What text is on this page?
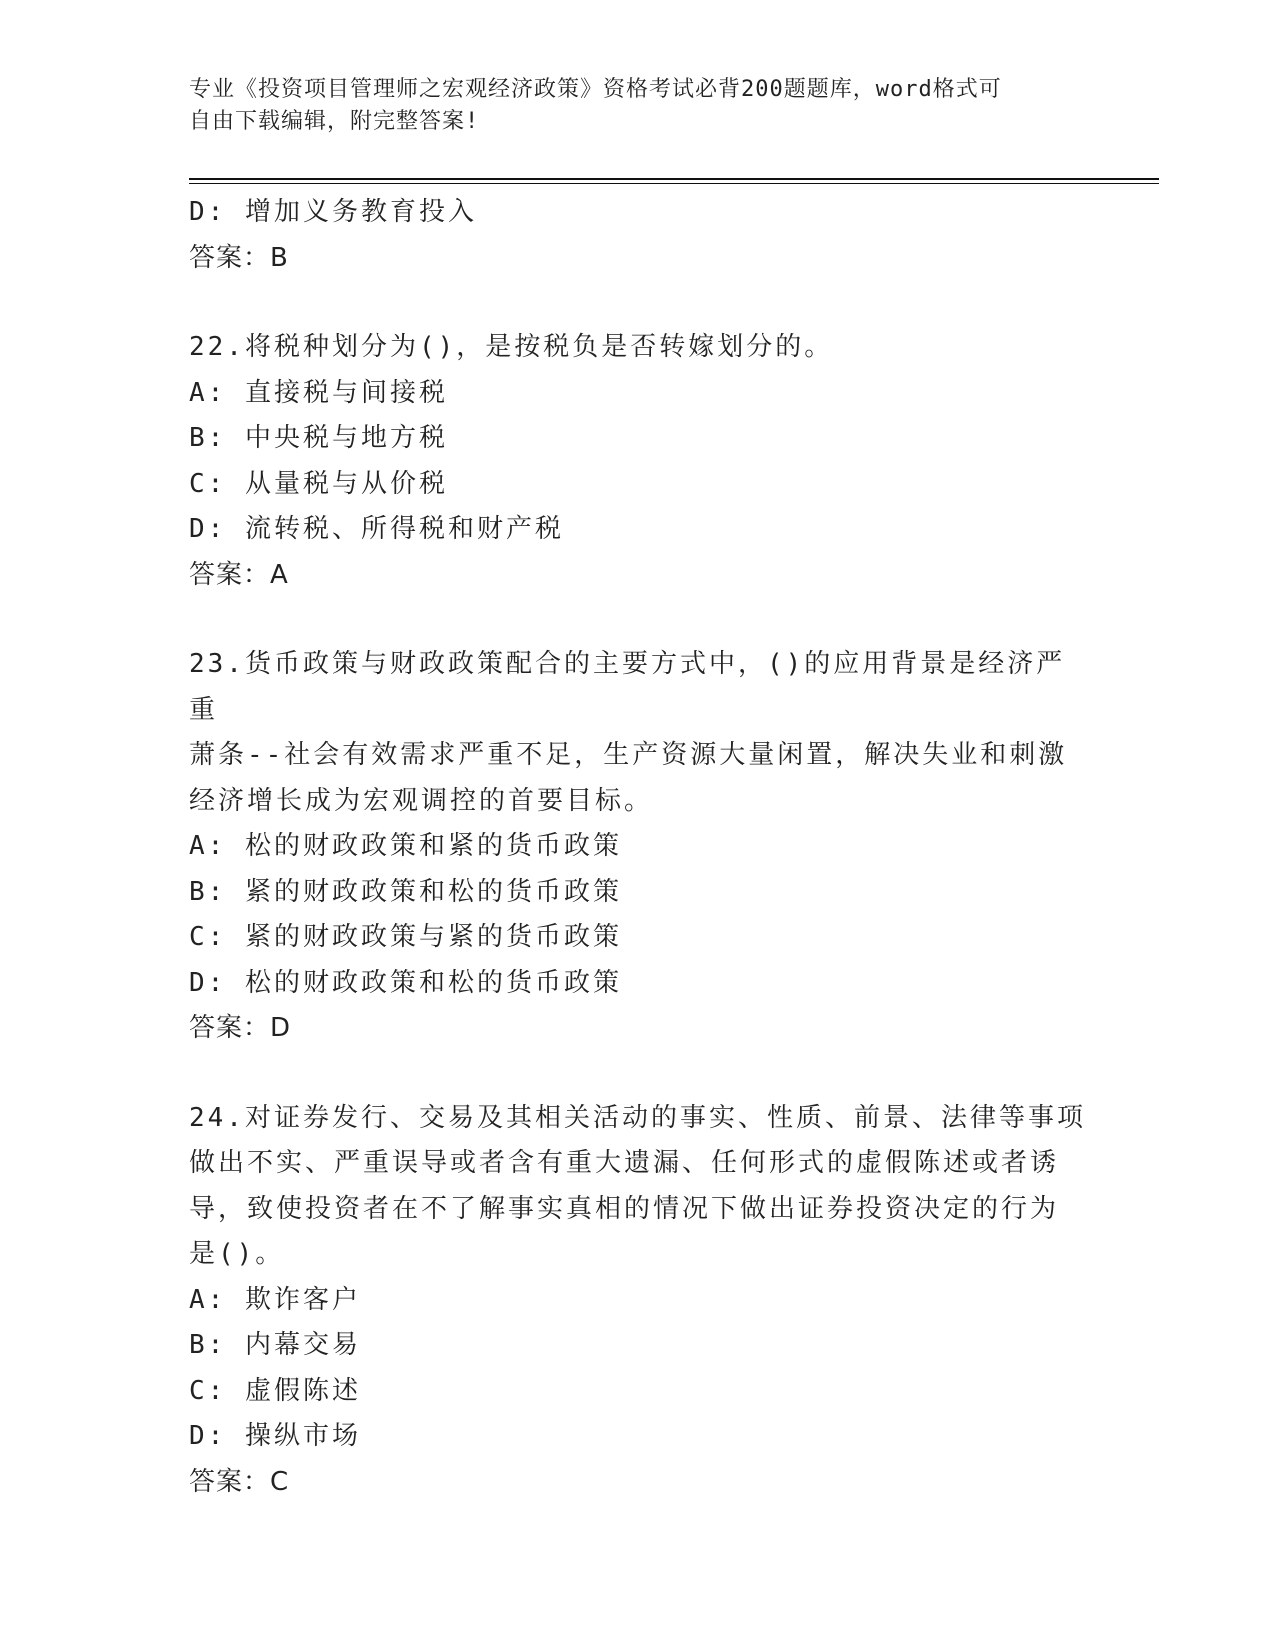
专业《投资项目管理师之宏观经济政策》资格考试必背200题题库，word格式可
自由下载编辑，附完整答案!

D: 增加义务教育投入

答案：B

22.将税种划分为()，是按税负是否转嫁划分的。

A: 直接税与间接税

B: 中央税与地方税

C: 从量税与从价税

D: 流转税、所得税和财产税

答案：A

23.货币政策与财政政策配合的主要方式中，()的应用背景是经济严重

萧条--社会有效需求严重不足，生产资源大量闲置，解决失业和刺激

经济增长成为宏观调控的首要目标。

A: 松的财政政策和紧的货币政策

B: 紧的财政政策和松的货币政策

C: 紧的财政政策与紧的货币政策

D: 松的财政政策和松的货币政策

答案：D

24.对证券发行、交易及其相关活动的事实、性质、前景、法律等事项

做出不实、严重误导或者含有重大遗漏、任何形式的虚假陈述或者诱

导，致使投资者在不了解事实真相的情况下做出证券投资决定的行为

是()。

A: 欺诈客户

B: 内幕交易

C: 虚假陈述

D: 操纵市场

答案：C
